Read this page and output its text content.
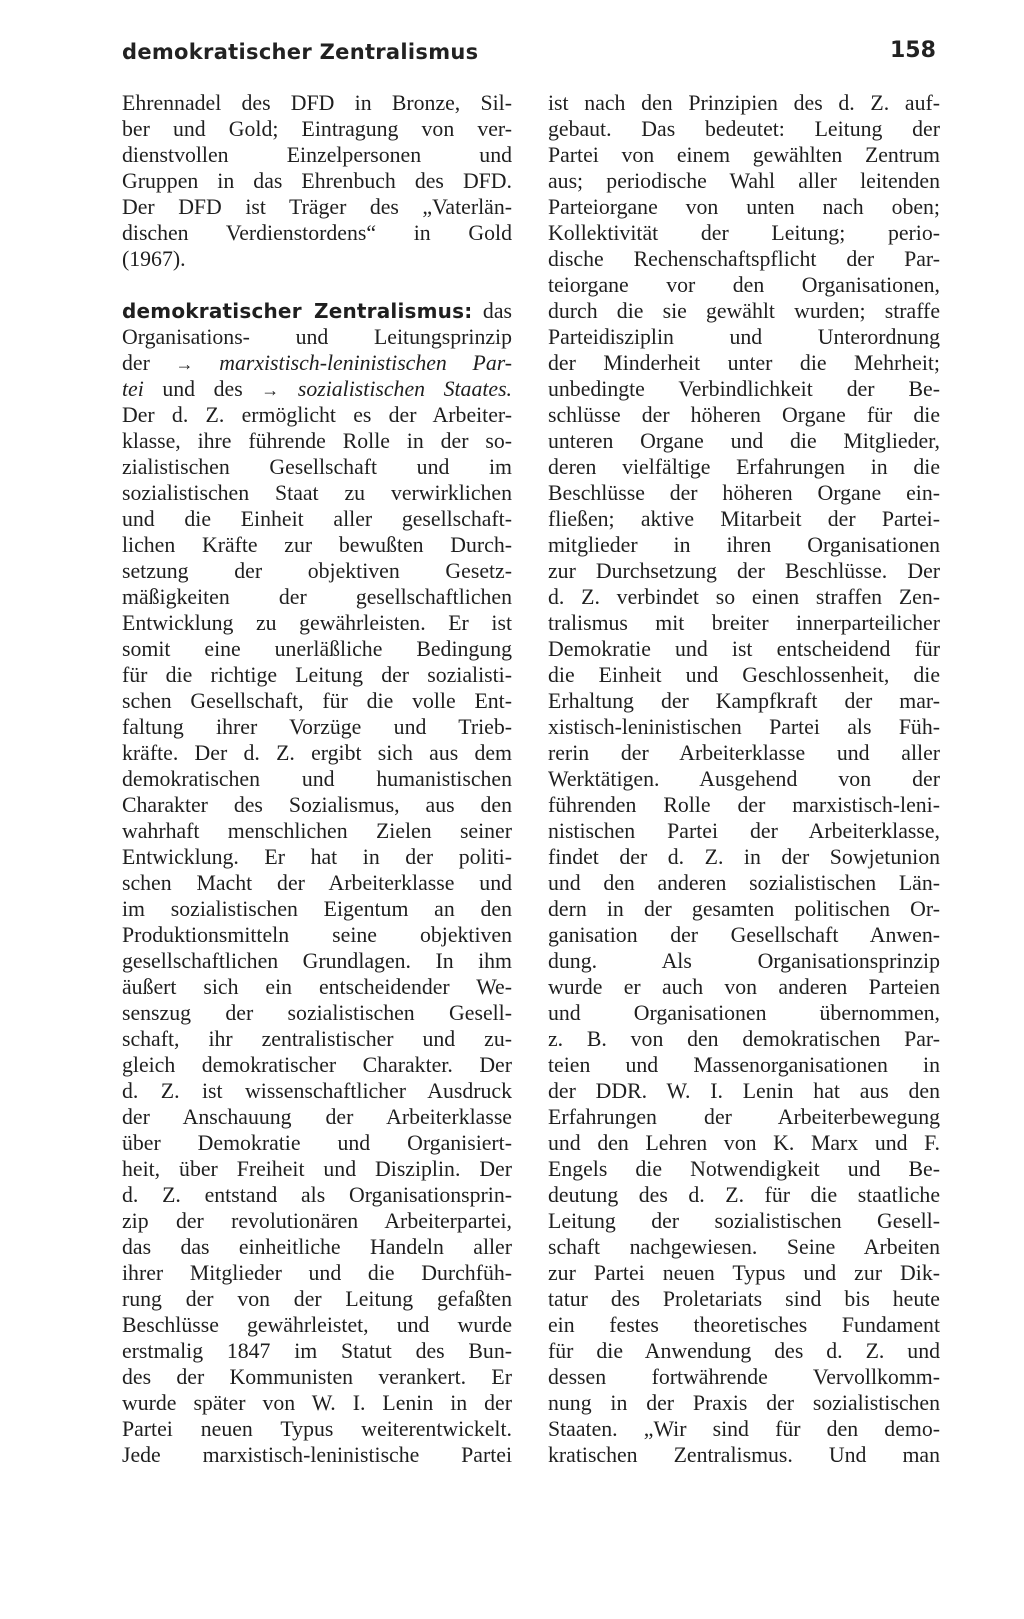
demokratischer Zentralismus	158
Ehrennadel des DFD in Bronze, Sil-
ber und Gold; Eintragung von ver-
dienstvollen Einzelpersonen und
Gruppen in das Ehrenbuch des DFD.
Der DFD ist Träger des „Vaterlän-
dischen Verdienstordens“ in Gold
(1967).
demokratischer Zentralismus: das
Organisations- und Leitungsprinzip
der → marxistisch-leninistischen Par-
tei und des → sozialistischen Staates.
Der d. Z. ermöglicht es der Arbeiter-
klasse, ihre führende Rolle in der so-
zialistischen Gesellschaft und im
sozialistischen Staat zu verwirklichen
und die Einheit aller gesellschaft-
lichen Kräfte zur bewußten Durch-
setzung der objektiven Gesetz-
mäßigkeiten der gesellschaftlichen
Entwicklung zu gewährleisten. Er ist
somit eine unerläßliche Bedingung
für die richtige Leitung der sozialisti-
schen Gesellschaft, für die volle Ent-
faltung ihrer Vorzüge und Trieb-
kräfte. Der d. Z. ergibt sich aus dem
demokratischen und humanistischen
Charakter des Sozialismus, aus den
wahrhaft menschlichen Zielen seiner
Entwicklung. Er hat in der politi-
schen Macht der Arbeiterklasse und
im sozialistischen Eigentum an den
Produktionsmitteln seine objektiven
gesellschaftlichen Grundlagen. In ihm
äußert sich ein entscheidender We-
senszug der sozialistischen Gesell-
schaft, ihr zentralistischer und zu-
gleich demokratischer Charakter. Der
d. Z. ist wissenschaftlicher Ausdruck
der Anschauung der Arbeiterklasse
über Demokratie und Organisiert-
heit, über Freiheit und Disziplin. Der
d. Z. entstand als Organisationsprin-
zip der revolutionären Arbeiterpartei,
das das einheitliche Handeln aller
ihrer Mitglieder und die Durchfüh-
rung der von der Leitung gefaßten
Beschlüsse gewährleistet, und wurde
erstmalig 1847 im Statut des Bun-
des der Kommunisten verankert. Er
wurde später von W. I. Lenin in der
Partei neuen Typus weiterentwickelt.
Jede marxistisch-leninistische Partei
ist nach den Prinzipien des d. Z. auf-
gebaut. Das bedeutet: Leitung der
Partei von einem gewählten Zentrum
aus; periodische Wahl aller leitenden
Parteiorgane von unten nach oben;
Kollektivität der Leitung; perio-
dische Rechenschaftspflicht der Par-
teiorgane vor den Organisationen,
durch die sie gewählt wurden; straffe
Parteidisziplin und Unterordnung
der Minderheit unter die Mehrheit;
unbedingte Verbindlichkeit der Be-
schlüsse der höheren Organe für die
unteren Organe und die Mitglieder,
deren vielfältige Erfahrungen in die
Beschlüsse der höheren Organe ein-
fließen; aktive Mitarbeit der Partei-
mitglieder in ihren Organisationen
zur Durchsetzung der Beschlüsse. Der
d. Z. verbindet so einen straffen Zen-
tralismus mit breiter innerparteilicher
Demokratie und ist entscheidend für
die Einheit und Geschlossenheit, die
Erhaltung der Kampfkraft der mar-
xistisch-leninistischen Partei als Füh-
rerin der Arbeiterklasse und aller
Werktätigen. Ausgehend von der
führenden Rolle der marxistisch-leni-
nistischen Partei der Arbeiterklasse,
findet der d. Z. in der Sowjetunion
und den anderen sozialistischen Län-
dern in der gesamten politischen Or-
ganisation der Gesellschaft Anwen-
dung. Als Organisationsprinzip
wurde er auch von anderen Parteien
und Organisationen übernommen,
z. B. von den demokratischen Par-
teien und Massenorganisationen in
der DDR. W. I. Lenin hat aus den
Erfahrungen der Arbeiterbewegung
und den Lehren von K. Marx und F.
Engels die Notwendigkeit und Be-
deutung des d. Z. für die staatliche
Leitung der sozialistischen Gesell-
schaft nachgewiesen. Seine Arbeiten
zur Partei neuen Typus und zur Dik-
tatur des Proletariats sind bis heute
ein festes theoretisches Fundament
für die Anwendung des d. Z. und
dessen fortwährende Vervollkomm-
nung in der Praxis der sozialistischen
Staaten. „Wir sind für den demo-
kratischen Zentralismus. Und man
